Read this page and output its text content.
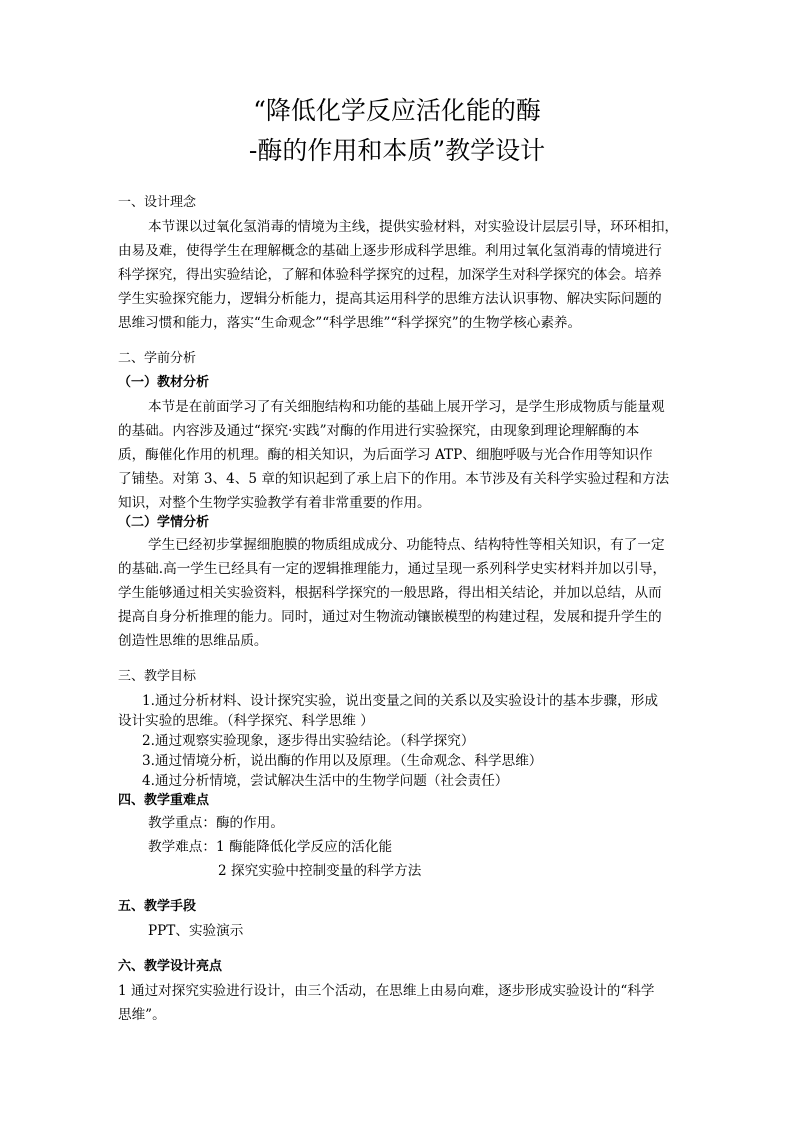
“降低化学反应活化能的酶
-酶的作用和本质”教学设计
一、设计理念
本节课以过氧化氢消毒的情境为主线，提供实验材料，对实验设计层层引导，环环相扣，
由易及难，使得学生在理解概念的基础上逐步形成科学思维。利用过氧化氢消毒的情境进行
科学探究，得出实验结论，了解和体验科学探究的过程，加深学生对科学探究的体会。培养
学生实验探究能力，逻辑分析能力，提高其运用科学的思维方法认识事物、解决实际问题的
思维习惯和能力，落实“生命观念”“科学思维”“科学探究”的生物学核心素养。
二、学前分析
（一）教材分析
本节是在前面学习了有关细胞结构和功能的基础上展开学习，是学生形成物质与能量观
的基础。内容涉及通过“探究·实践”对酶的作用进行实验探究，由现象到理论理解酶的本
质，酶催化作用的机理。酶的相关知识，为后面学习 ATP、细胞呼吸与光合作用等知识作
了铺垫。对第 3、4、5 章的知识起到了承上启下的作用。本节涉及有关科学实验过程和方法
知识，对整个生物学实验教学有着非常重要的作用。
（二）学情分析
学生已经初步掌握细胞膜的物质组成成分、功能特点、结构特性等相关知识，有了一定
的基础.高一学生已经具有一定的逻辑推理能力，通过呈现一系列科学史实材料并加以引导，
学生能够通过相关实验资料，根据科学探究的一般思路，得出相关结论，并加以总结，从而
提高自身分析推理的能力。同时，通过对生物流动镶嵌模型的构建过程，发展和提升学生的
创造性思维的思维品质。
三、教学目标
1.通过分析材料、设计探究实验，说出变量之间的关系以及实验设计的基本步骤，形成
设计实验的思维。（科学探究、科学思维 ）
2.通过观察实验现象，逐步得出实验结论。（科学探究）
3.通过情境分析，说出酶的作用以及原理。（生命观念、科学思维）
4.通过分析情境，尝试解决生活中的生物学问题（社会责任）
四、教学重难点
教学重点：酶的作用。
教学难点：1 酶能降低化学反应的活化能
2 探究实验中控制变量的科学方法
五、教学手段
PPT、实验演示
六、教学设计亮点
1 通过对探究实验进行设计，由三个活动，在思维上由易向难，逐步形成实验设计的“科学
思维”。
